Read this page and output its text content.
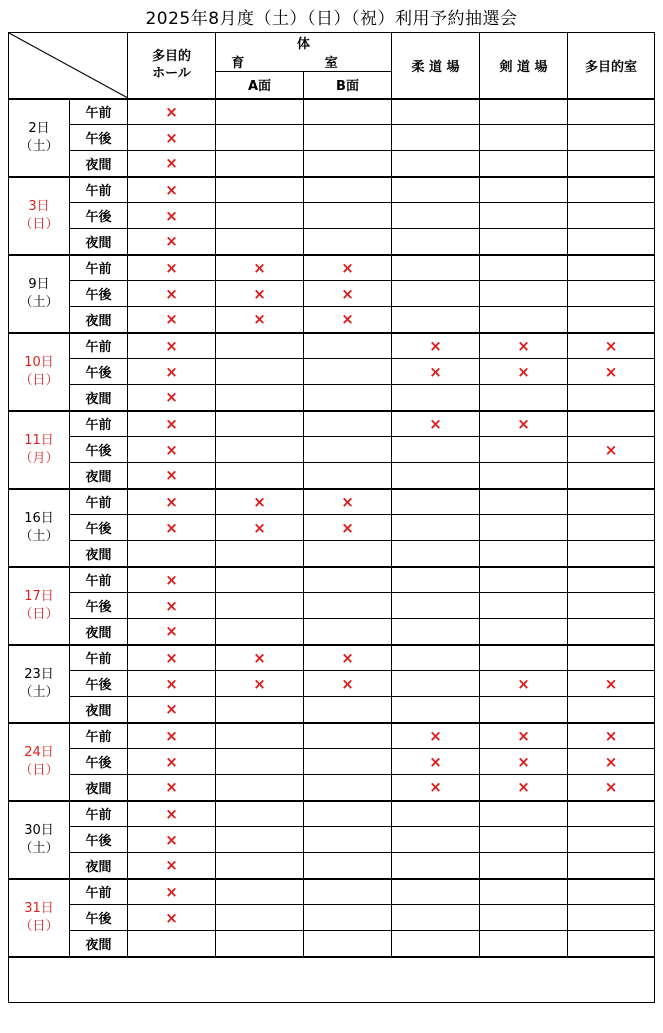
2025年8月度（土）（日）（祝）利用予約抽選会
	多目的
ホール	体 育 室		柔 道 場	剣 道 場	多目的室
			A面	B面			

2日
（土）	午前	×					
	午後	×					
	夜間	×					

3日
（日）	午前	×					
	午後	×					
	夜間	×					

9日
（土）	午前	×	×	×			
	午後	×	×	×			
	夜間	×	×	×			

10日
（日）	午前	×			×	×	×
	午後	×			×	×	×
	夜間	×					

11日
（月）	午前	×			×	×	
	午後	×					×
	夜間	×					

16日
（土）	午前	×	×	×			
	午後	×	×	×			
	夜間						

17日
（日）	午前	×					
	午後	×					
	夜間	×					

23日
（土）	午前	×	×	×			
	午後	×	×	×		×	×
	夜間	×					

24日
（日）	午前	×			×	×	×
	午後	×			×	×	×
	夜間	×			×	×	×

30日
（土）	午前	×					
	午後	×					
	夜間	×					

31日
（日）	午前	×					
	午後	×					
	夜間						
